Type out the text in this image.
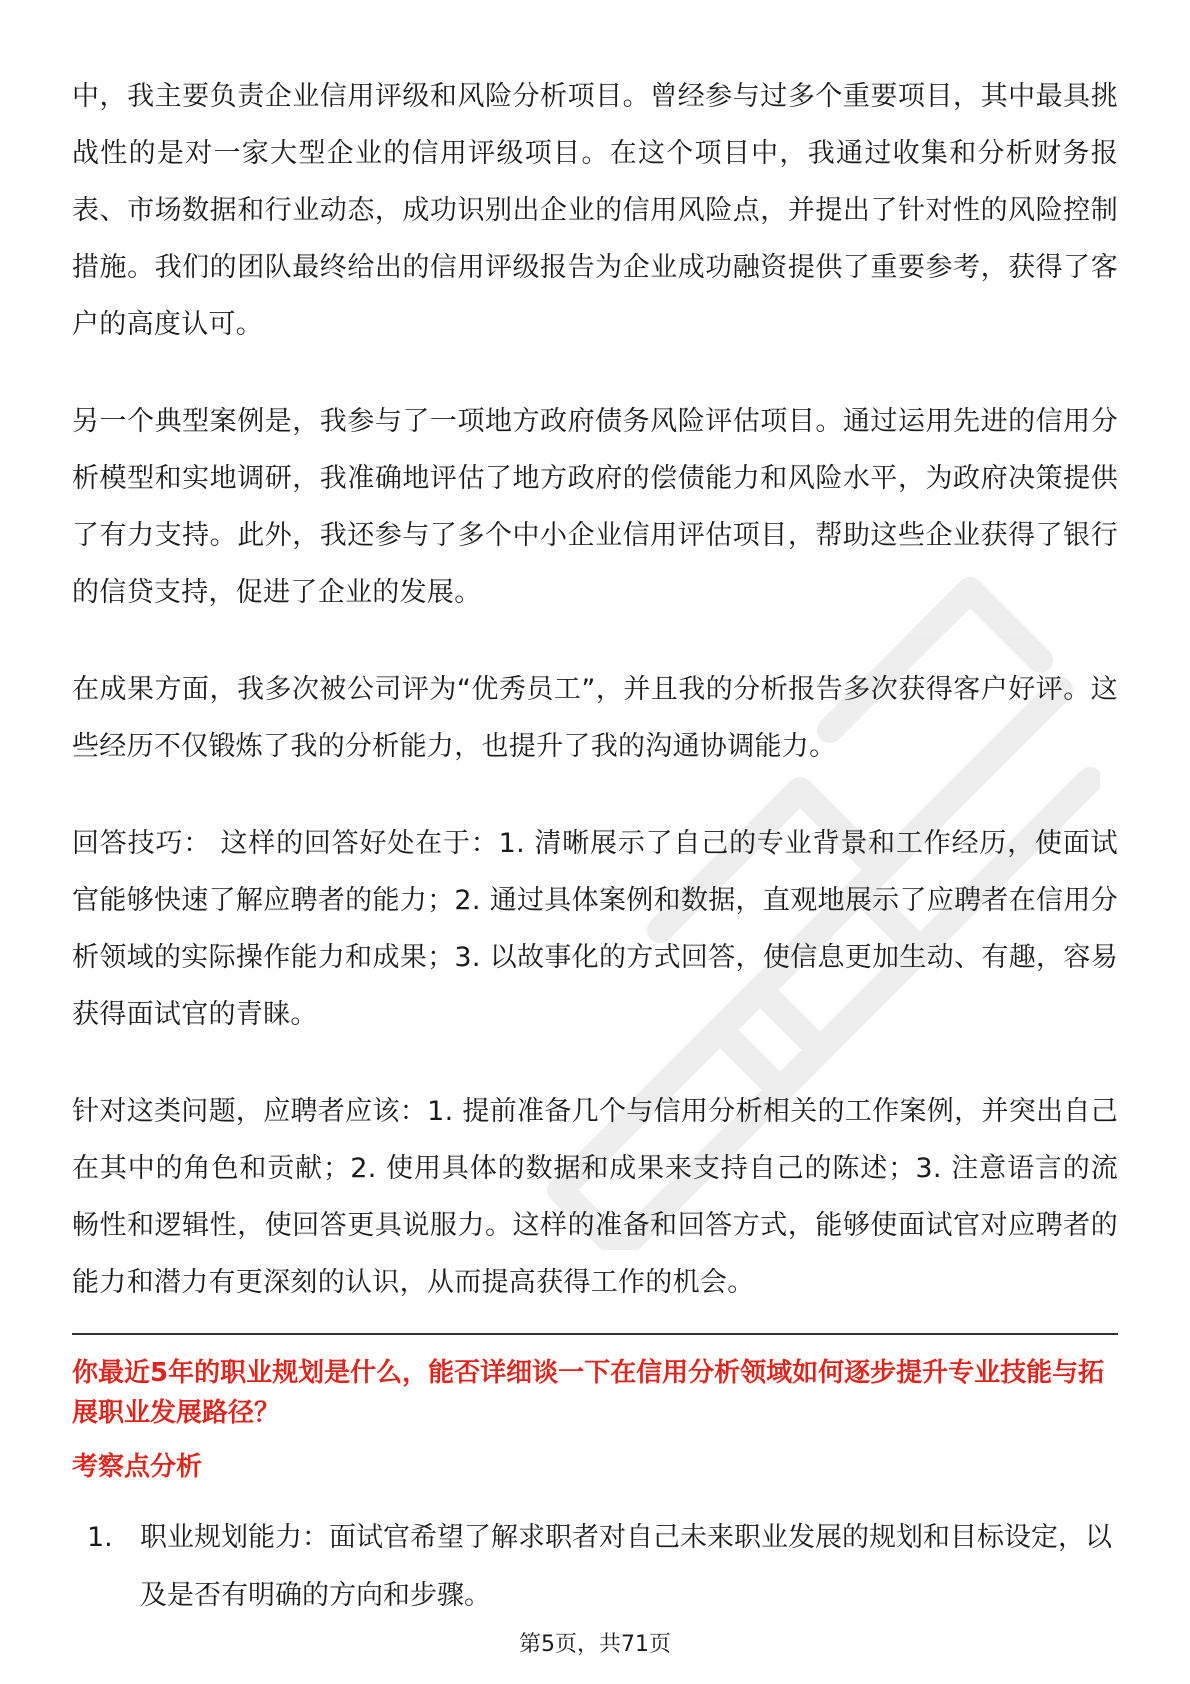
中，我主要负责企业信用评级和风险分析项目。曾经参与过多个重要项目，其中最具挑战性的是对一家大型企业的信用评级项目。在这个项目中，我通过收集和分析财务报表、市场数据和行业动态，成功识别出企业的信用风险点，并提出了针对性的风险控制措施。我们的团队最终给出的信用评级报告为企业成功融资提供了重要参考，获得了客户的高度认可。

另一个典型案例是，我参与了一项地方政府债务风险评估项目。通过运用先进的信用分析模型和实地调研，我准确地评估了地方政府的偿债能力和风险水平，为政府决策提供了有力支持。此外，我还参与了多个中小企业信用评估项目，帮助这些企业获得了银行的信贷支持，促进了企业的发展。

在成果方面，我多次被公司评为“优秀员工”，并且我的分析报告多次获得客户好评。这些经历不仅锻炼了我的分析能力，也提升了我的沟通协调能力。

回答技巧： 这样的回答好处在于：1. 清晰展示了自己的专业背景和工作经历，使面试官能够快速了解应聘者的能力；2. 通过具体案例和数据，直观地展示了应聘者在信用分析领域的实际操作能力和成果；3. 以故事化的方式回答，使信息更加生动、有趣，容易获得面试官的青睐。

针对这类问题，应聘者应该：1. 提前准备几个与信用分析相关的工作案例，并突出自己在其中的角色和贡献；2. 使用具体的数据和成果来支持自己的陈述；3. 注意语言的流畅性和逻辑性，使回答更具说服力。这样的准备和回答方式，能够使面试官对应聘者的能力和潜力有更深刻的认识，从而提高获得工作的机会。

你最近5年的职业规划是什么，能否详细谈一下在信用分析领域如何逐步提升专业技能与拓展职业发展路径？
考察点分析
1. 职业规划能力：面试官希望了解求职者对自己未来职业发展的规划和目标设定，以及是否有明确的方向和步骤。
第5页，共71页
